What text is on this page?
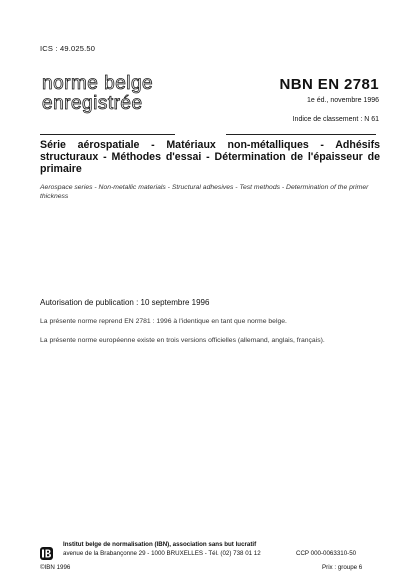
ICS : 49.025.50
norme belge
enregistrée
NBN EN 2781
1e éd., novembre 1996
Indice de classement : N 61
Série aérospatiale - Matériaux non-métalliques - Adhésifs structuraux - Méthodes d'essai - Détermination de l'épaisseur de primaire
Aerospace series - Non-metallic materials - Structural adhesives - Test methods - Determination of the primer thickness
Autorisation de publication : 10 septembre 1996
La présente norme reprend EN 2781 : 1996 à l'identique en tant que norme belge.
La présente norme européenne existe en trois versions officielles (allemand, anglais, français).
Institut belge de normalisation (IBN), association sans but lucratif
avenue de la Brabançonne 29 - 1000 BRUXELLES - Tél. (02) 738 01 12	CCP 000-0063310-50
©IBN 1996	Prix : groupe 6
